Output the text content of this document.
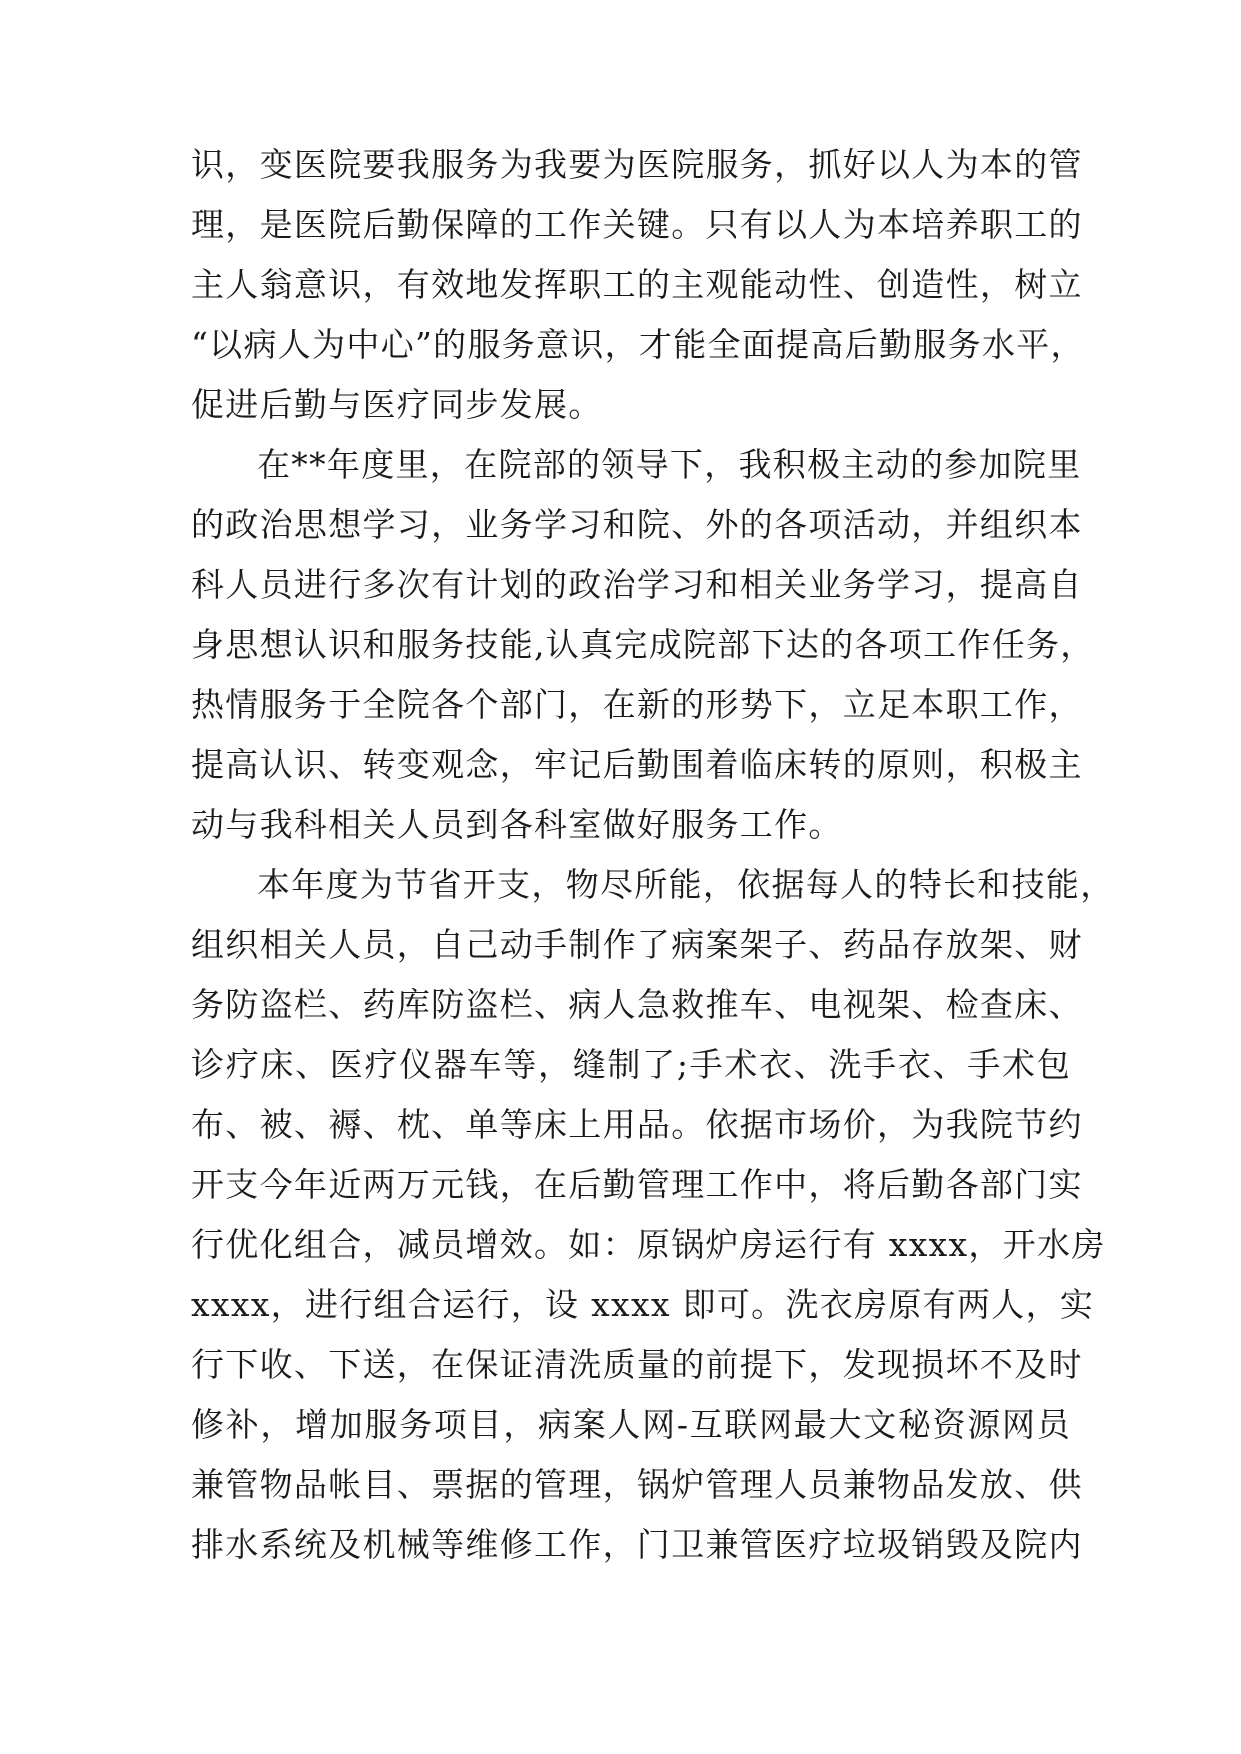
识，变医院要我服务为我要为医院服务，抓好以人为本的管
理，是医院后勤保障的工作关键。只有以人为本培养职工的
主人翁意识，有效地发挥职工的主观能动性、创造性，树立
“以病人为中心”的服务意识，才能全面提高后勤服务水平，
促进后勤与医疗同步发展。
在**年度里，在院部的领导下，我积极主动的参加院里
的政治思想学习，业务学习和院、外的各项活动，并组织本
科人员进行多次有计划的政治学习和相关业务学习，提高自
身思想认识和服务技能,认真完成院部下达的各项工作任务，
热情服务于全院各个部门，在新的形势下，立足本职工作，
提高认识、转变观念，牢记后勤围着临床转的原则，积极主
动与我科相关人员到各科室做好服务工作。
本年度为节省开支，物尽所能，依据每人的特长和技能，
组织相关人员，自己动手制作了病案架子、药品存放架、财
务防盗栏、药库防盗栏、病人急救推车、电视架、检查床、
诊疗床、医疗仪器车等，缝制了;手术衣、洗手衣、手术包
布、被、褥、枕、单等床上用品。依据市场价，为我院节约
开支今年近两万元钱，在后勤管理工作中，将后勤各部门实
行优化组合，减员增效。如：原锅炉房运行有 xxxx，开水房
xxxx，进行组合运行，设 xxxx 即可。洗衣房原有两人，实
行下收、下送，在保证清洗质量的前提下，发现损坏不及时
修补，增加服务项目，病案人网-互联网最大文秘资源网员
兼管物品帐目、票据的管理，锅炉管理人员兼物品发放、供
排水系统及机械等维修工作，门卫兼管医疗垃圾销毁及院内
